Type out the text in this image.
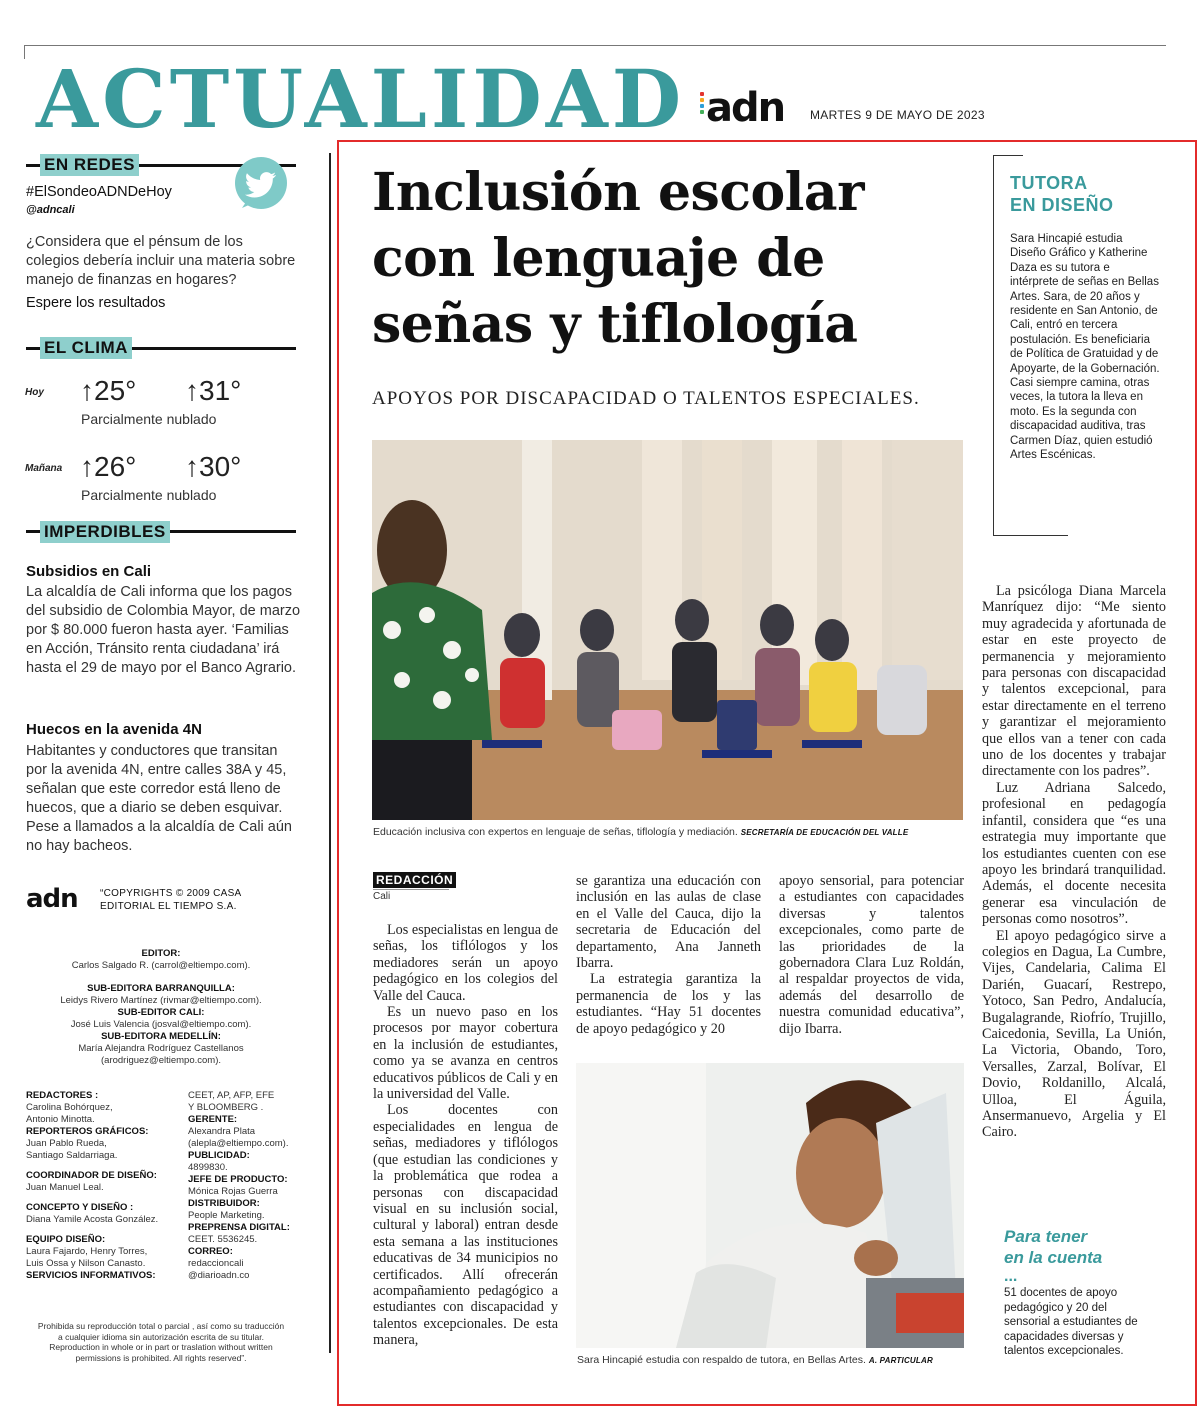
ACTUALIDAD adn MARTES 9 DE MAYO DE 2023
EN REDES
#ElSondeoADNDeHoy
@adncali
¿Considera que el pénsum de los colegios debería incluir una materia sobre manejo de finanzas en hogares?
Espere los resultados
EL CLIMA
Hoy ↑25° ↑31°
Parcialmente nublado
Mañana ↑26° ↑30°
Parcialmente nublado
IMPERDIBLES
Subsidios en Cali
La alcaldía de Cali informa que los pagos del subsidio de Colombia Mayor, de marzo por $ 80.000 fueron hasta ayer. ‘Familias en Acción, Tránsito renta ciudadana’ irá hasta el 29 de mayo por el Banco Agrario.
Huecos en la avenida 4N
Habitantes y conductores que transitan por la avenida 4N, entre calles 38A y 45, señalan que este corredor está lleno de huecos, que a diario se deben esquivar. Pese a llamados a la alcaldía de Cali aún no hay bacheos.
adn “COPYRIGHTS © 2009 CASA
EDITORIAL EL TIEMPO S.A.
EDITOR:
Carlos Salgado R. (carrol@eltiempo.com).
SUB-EDITORA BARRANQUILLA:
Leidys Rivero Martínez (rivmar@eltiempo.com).
SUB-EDITOR CALI:
José Luis Valencia (josval@eltiempo.com).
SUB-EDITORA MEDELLÍN:
María Alejandra Rodríguez Castellanos
(arodriguez@eltiempo.com).
REDACTORES :
Carolina Bohórquez,
Antonio Minotta.
REPORTEROS GRÁFICOS:
Juan Pablo Rueda,
Santiago Saldarriaga.
COORDINADOR DE DISEÑO:
Juan Manuel Leal.
CONCEPTO Y DISEÑO :
Diana Yamile Acosta González.
EQUIPO DISEÑO:
Laura Fajardo, Henry Torres,
Luis Ossa y Nilson Canasto.
SERVICIOS INFORMATIVOS:
CEET, AP, AFP, EFE
Y BLOOMBERG .
GERENTE:
Alexandra Plata
(alepla@eltiempo.com).
PUBLICIDAD:
4899830.
JEFE DE PRODUCTO:
Mónica Rojas Guerra
DISTRIBUIDOR:
People Marketing.
PREPRENSA DIGITAL:
CEET. 5536245.
CORREO:
redaccioncali
@diarioadn.co
Prohibida su reproducción total o parcial , así como su traducción
a cualquier idioma sin autorización escrita de su titular.
Reproduction in whole or in part or traslation without written
permissions is prohibited. All rights reserved”.
Inclusión escolar
con lenguaje de
señas y tiflología
APOYOS POR DISCAPACIDAD O TALENTOS ESPECIALES.
Educación inclusiva con expertos en lenguaje de señas, tiflología y mediación. SECRETARÍA DE EDUCACIÓN DEL VALLE
REDACCIÓN
Cali

Los especialistas en lengua de señas, los tiflólogos y los mediadores serán un apoyo pedagógico en los colegios del Valle del Cauca.

Es un nuevo paso en los procesos por mayor cobertura en la inclusión de estudiantes, como ya se avanza en centros educativos públicos de Cali y en la universidad del Valle.

Los docentes con especialidades en lengua de señas, mediadores y tiflólogos (que estudian las condiciones y la problemática que rodea a personas con discapacidad visual en su inclusión social, cultural y laboral) entran desde esta semana a las instituciones educativas de 34 municipios no certificados. Allí ofrecerán acompañamiento pedagógico a estudiantes con discapacidad y talentos excepcionales. De esta manera,

se garantiza una educación con inclusión en las aulas de clase en el Valle del Cauca, dijo la secretaria de Educación del departamento, Ana Janneth Ibarra.

La estrategia garantiza la permanencia de los y las estudiantes. “Hay 51 docentes de apoyo pedagógico y 20

apoyo sensorial, para potenciar a estudiantes con capacidades diversas y talentos excepcionales, como parte de las prioridades de la gobernadora Clara Luz Roldán, al respaldar proyectos de vida, además del desarrollo de nuestra comunidad educativa”, dijo Ibarra.

Sara Hincapié estudia con respaldo de tutora, en Bellas Artes. A. PARTICULAR
TUTORA
EN DISEÑO
Sara Hincapié estudia Diseño Gráfico y Katherine Daza es su tutora e intérprete de señas en Bellas Artes. Sara, de 20 años y residente en San Antonio, de Cali, entró en tercera postulación. Es beneficiaria de Política de Gratuidad y de Apoyarte, de la Gobernación. Casi siempre camina, otras veces, la tutora la lleva en moto. Es la segunda con discapacidad auditiva, tras Carmen Díaz, quien estudió Artes Escénicas.

La psicóloga Diana Marcela Manríquez dijo: “Me siento muy agradecida y afortunada de estar en este proyecto de permanencia y mejoramiento para personas con discapacidad y talentos excepcional, para estar directamente en el terreno y garantizar el mejoramiento que ellos van a tener con cada uno de los docentes y trabajar directamente con los padres”.

Luz Adriana Salcedo, profesional en pedagogía infantil, considera que “es una estrategia muy importante que los estudiantes cuenten con ese apoyo les brindará tranquilidad. Además, el docente necesita generar esa vinculación de personas como nosotros”.

El apoyo pedagógico sirve a colegios en Dagua, La Cumbre, Vijes, Candelaria, Calima El Darién, Guacarí, Restrepo, Yotoco, San Pedro, Andalucía, Bugalagrande, Riofrío, Trujillo, Caicedonia, Sevilla, La Unión, La Victoria, Obando, Toro, Versalles, Zarzal, Bolívar, El Dovio, Roldanillo, Alcalá, Ulloa, El Águila, Ansermanuevo, Argelia y El Cairo.

Para tener
en la cuenta
...
51 docentes de apoyo pedagógico y 20 del sensorial a estudiantes de capacidades diversas y talentos excepcionales.
